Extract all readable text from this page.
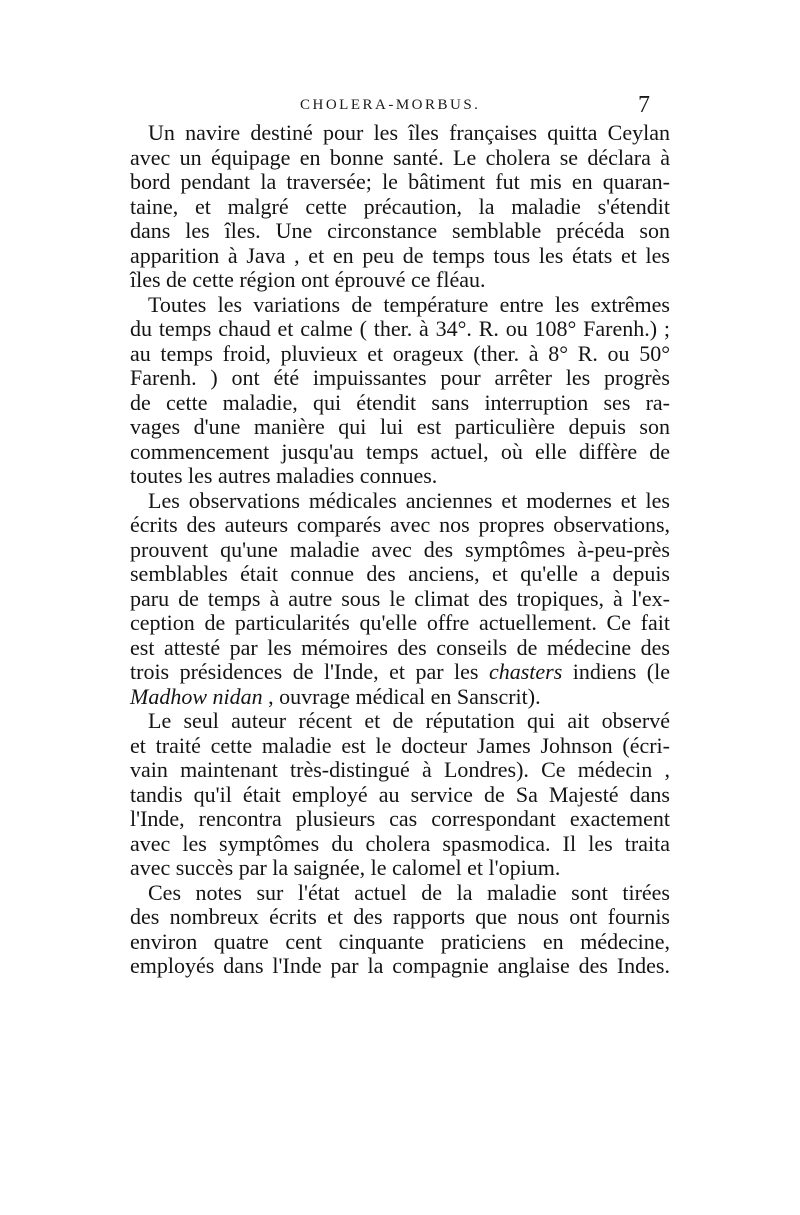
CHOLERA-MORBUS.	7
Un navire destiné pour les îles françaises quitta Ceylan
avec un équipage en bonne santé. Le cholera se déclara à
bord pendant la traversée; le bâtiment fut mis en quaran-
taine, et malgré cette précaution, la maladie s'étendit
dans les îles. Une circonstance semblable précéda son
apparition à Java , et en peu de temps tous les états et les
îles de cette région ont éprouvé ce fléau.
Toutes les variations de température entre les extrêmes
du temps chaud et calme ( ther. à 34°. R. ou 108° Farenh.) ;
au temps froid, pluvieux et orageux (ther. à 8° R. ou 50°
Farenh. ) ont été impuissantes pour arrêter les progrès
de cette maladie, qui étendit sans interruption ses ra-
vages d'une manière qui lui est particulière depuis son
commencement jusqu'au temps actuel, où elle diffère de
toutes les autres maladies connues.
Les observations médicales anciennes et modernes et les
écrits des auteurs comparés avec nos propres observations,
prouvent qu'une maladie avec des symptômes à-peu-près
semblables était connue des anciens, et qu'elle a depuis
paru de temps à autre sous le climat des tropiques, à l'ex-
ception de particularités qu'elle offre actuellement. Ce fait
est attesté par les mémoires des conseils de médecine des
trois présidences de l'Inde, et par les chasters indiens (le
Madhow nidan , ouvrage médical en Sanscrit).
Le seul auteur récent et de réputation qui ait observé
et traité cette maladie est le docteur James Johnson (écri-
vain maintenant très-distingué à Londres). Ce médecin ,
tandis qu'il était employé au service de Sa Majesté dans
l'Inde, rencontra plusieurs cas correspondant exactement
avec les symptômes du cholera spasmodica. Il les traita
avec succès par la saignée, le calomel et l'opium.
Ces notes sur l'état actuel de la maladie sont tirées
des nombreux écrits et des rapports que nous ont fournis
environ quatre cent cinquante praticiens en médecine,
employés dans l'Inde par la compagnie anglaise des Indes.
